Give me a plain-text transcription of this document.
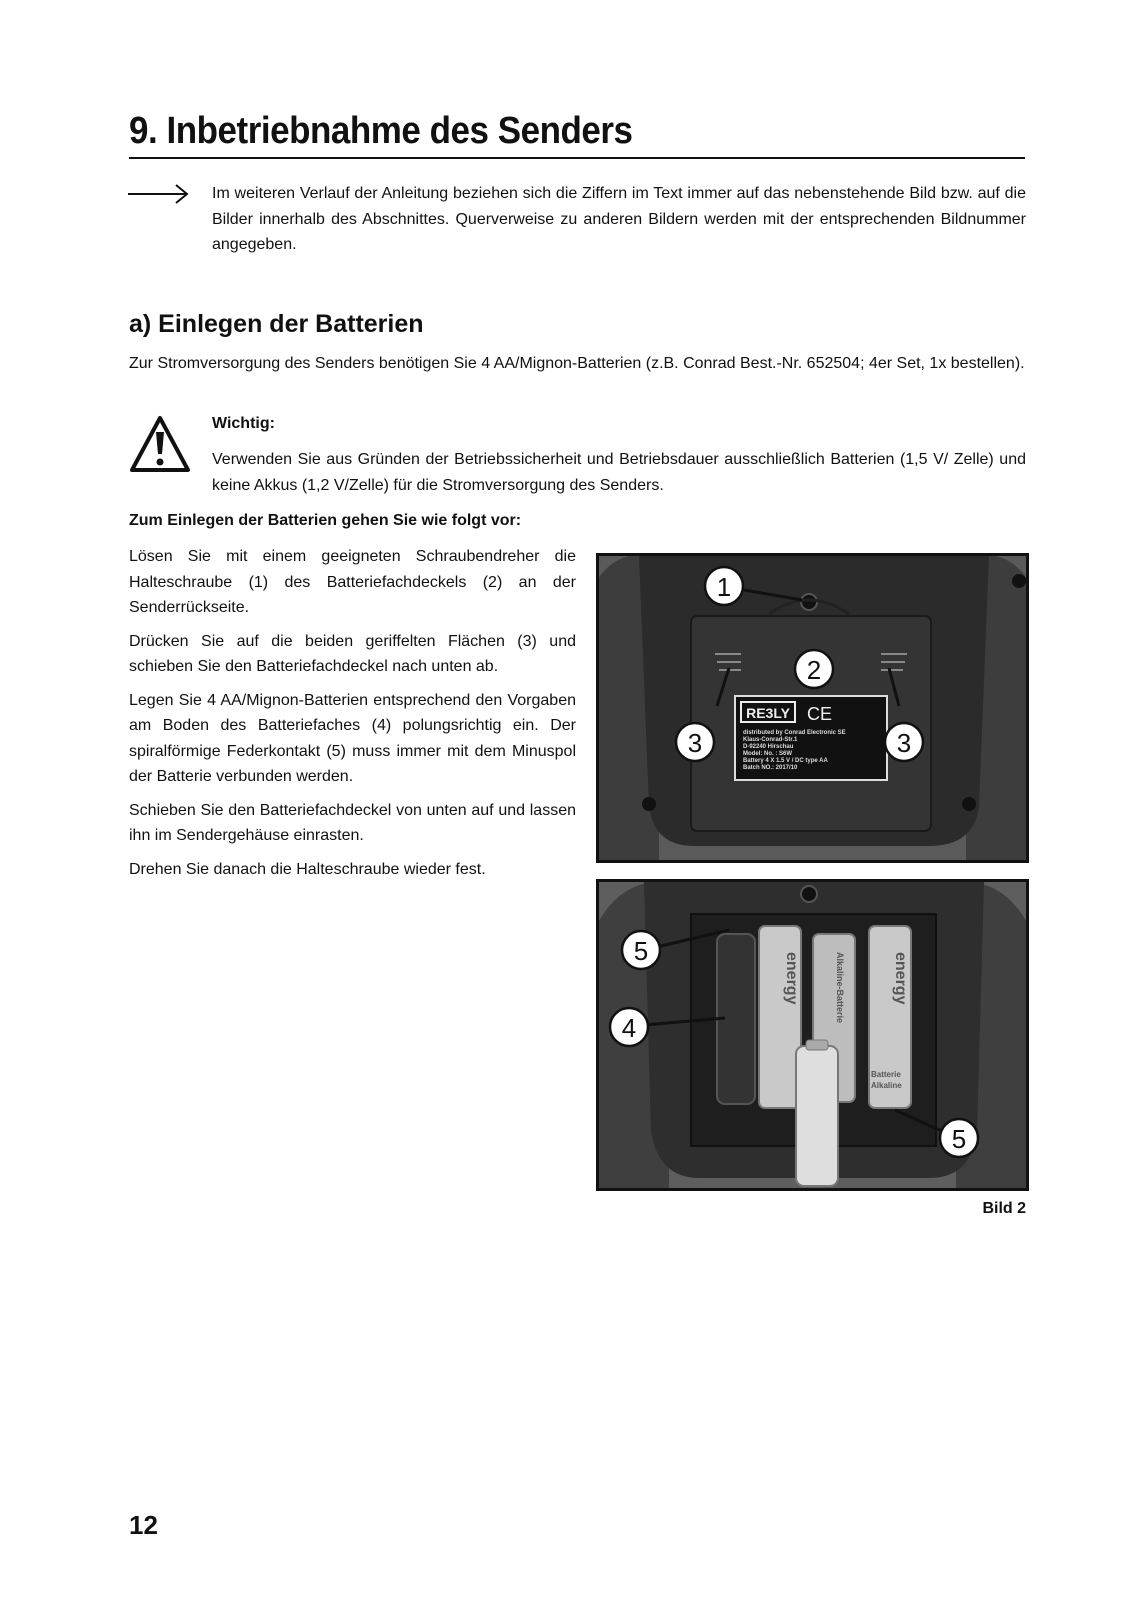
9. Inbetriebnahme des Senders
Im weiteren Verlauf der Anleitung beziehen sich die Ziffern im Text immer auf das nebenstehende Bild bzw. auf die Bilder innerhalb des Abschnittes. Querverweise zu anderen Bildern werden mit der entsprechenden Bildnummer angegeben.
a) Einlegen der Batterien
Zur Stromversorgung des Senders benötigen Sie 4 AA/Mignon-Batterien (z.B. Conrad Best.-Nr. 652504; 4er Set, 1x bestellen).
Wichtig:
Verwenden Sie aus Gründen der Betriebssicherheit und Betriebsdauer ausschließlich Batterien (1,5 V/ Zelle) und keine Akkus (1,2 V/Zelle) für die Stromversorgung des Senders.
Zum Einlegen der Batterien gehen Sie wie folgt vor:

Lösen Sie mit einem geeigneten Schraubendreher die Halteschraube (1) des Batteriefachdeckels (2) an der Senderrückseite.

Drücken Sie auf die beiden geriffelten Flächen (3) und schieben Sie den Batteriefachdeckel nach unten ab.

Legen Sie 4 AA/Mignon-Batterien entsprechend den Vorgaben am Boden des Batteriefaches (4) polungsrichtig ein. Der spiralförmige Federkontakt (5) muss immer mit dem Minuspol der Batterie verbunden werden.

Schieben Sie den Batteriefachdeckel von unten auf und lassen ihn im Sendergehäuse einrasten.

Drehen Sie danach die Halteschraube wieder fest.

RE3LY CE
distributed by Conrad Electronic SE
Klaus-Conrad-Str.1
D-92240 Hirschau
Model: No. : S6W
Battery 4 X 1.5 V / DC type AA
Batch NO.: 2017/10
1
2
3	3
energy	Alkaline-Batterie	energy
Batterie
Alkaline
5
4
5
Bild 2
12
